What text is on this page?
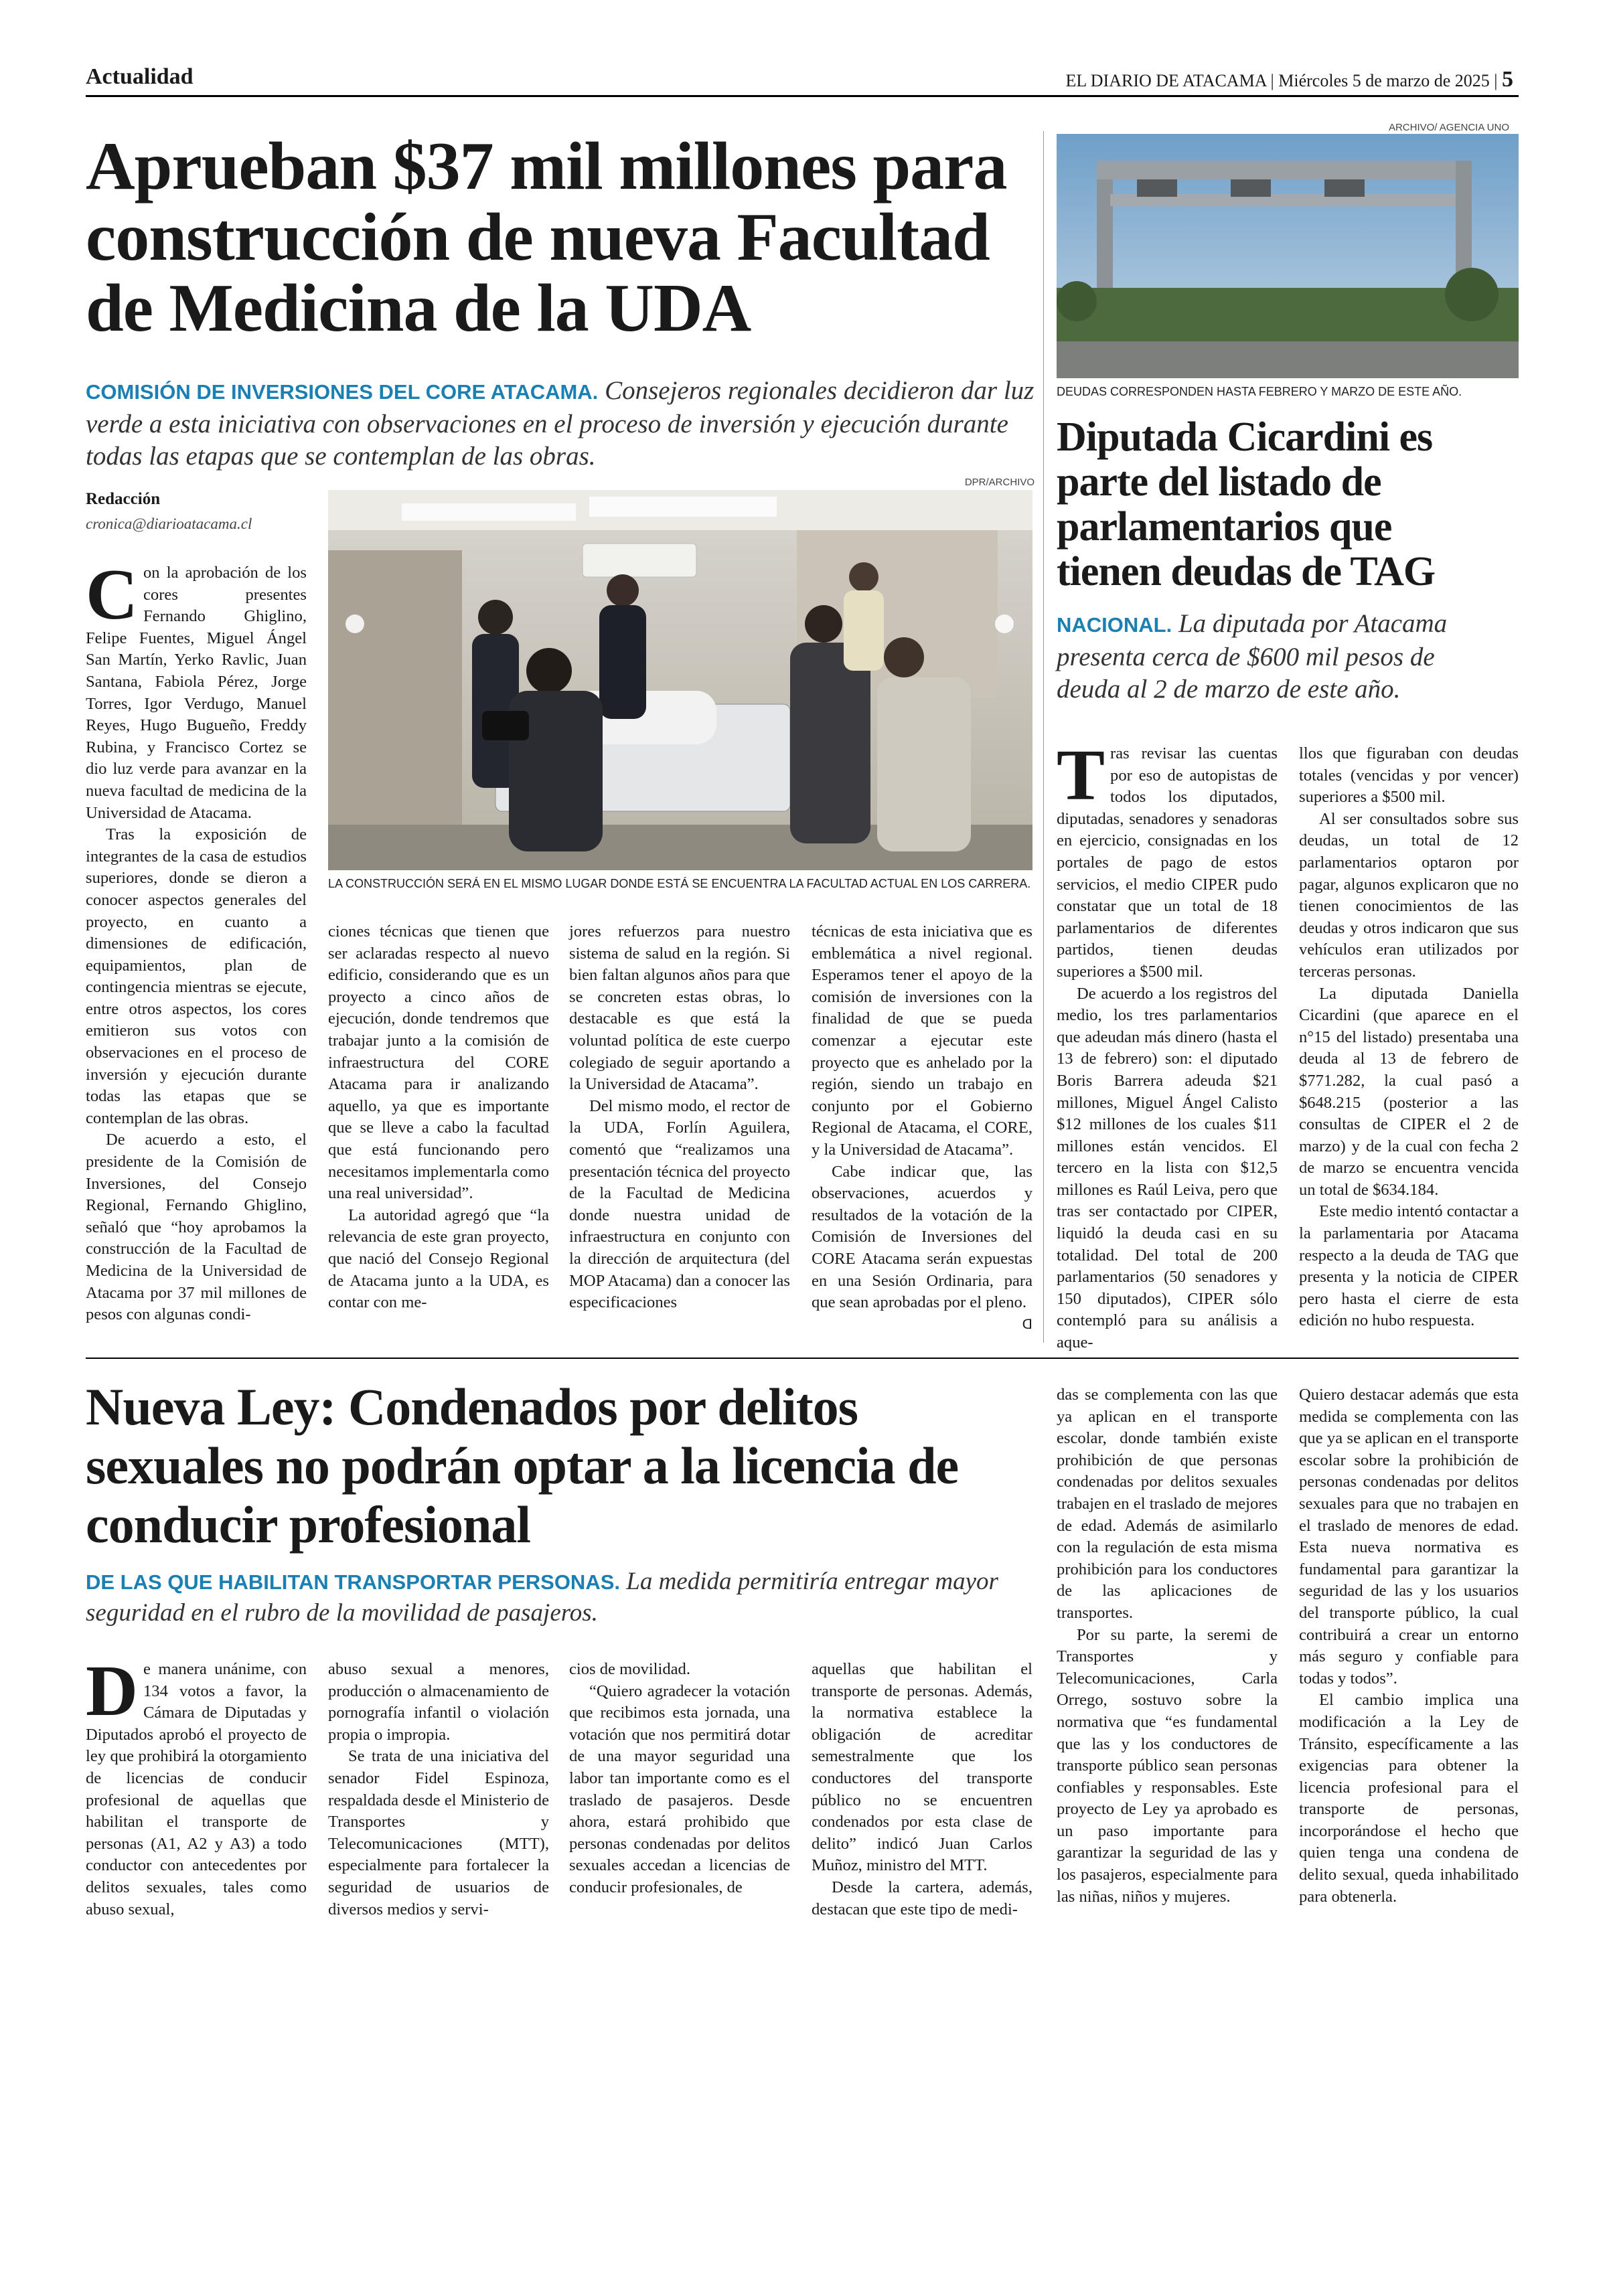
Actualidad	EL DIARIO DE ATACAMA | Miércoles 5 de marzo de 2025 | 5
Aprueban $37 mil millones para construcción de nueva Facultad de Medicina de la UDA
COMISIÓN DE INVERSIONES DEL CORE ATACAMA. Consejeros regionales decidieron dar luz verde a esta iniciativa con observaciones en el proceso de inversión y ejecución durante todas las etapas que se contemplan de las obras.
Redacción
cronica@diarioatacama.cl
DPR/ARCHIVO
LA CONSTRUCCIÓN SERÁ EN EL MISMO LUGAR DONDE ESTÁ SE ENCUENTRA LA FACULTAD ACTUAL EN LOS CARRERA.
C on la aprobación de los cores presentes Fernando Ghiglino, Felipe Fuentes, Miguel Ángel San Martín, Yerko Ravlic, Juan Santana, Fabiola Pérez, Jorge Torres, Igor Verdugo, Manuel Reyes, Hugo Bugueño, Freddy Rubina, y Francisco Cortez se dio luz verde para avanzar en la nueva facultad de medicina de la Universidad de Atacama.

Tras la exposición de integrantes de la casa de estudios superiores, donde se dieron a conocer aspectos generales del proyecto, en cuanto a dimensiones de edificación, equipamientos, plan de contingencia mientras se ejecute, entre otros aspectos, los cores emitieron sus votos con observaciones en el proceso de inversión y ejecución durante todas las etapas que se contemplan de las obras.

De acuerdo a esto, el presidente de la Comisión de Inversiones, del Consejo Regional, Fernando Ghiglino, señaló que “hoy aprobamos la construcción de la Facultad de Medicina de la Universidad de Atacama por 37 mil millones de pesos con algunas condi-

ciones técnicas que tienen que ser aclaradas respecto al nuevo edificio, considerando que es un proyecto a cinco años de ejecución, donde tendremos que trabajar junto a la comisión de infraestructura del CORE Atacama para ir analizando aquello, ya que es importante que se lleve a cabo la facultad que está funcionando pero necesitamos implementarla como una real universidad”.

La autoridad agregó que “la relevancia de este gran proyecto, que nació del Consejo Regional de Atacama junto a la UDA, es contar con me-

jores refuerzos para nuestro sistema de salud en la región. Si bien faltan algunos años para que se concreten estas obras, lo destacable es que está la voluntad política de este cuerpo colegiado de seguir aportando a la Universidad de Atacama”.

Del mismo modo, el rector de la UDA, Forlín Aguilera, comentó que “realizamos una presentación técnica del proyecto de la Facultad de Medicina donde nuestra unidad de infraestructura en conjunto con la dirección de arquitectura (del MOP Atacama) dan a conocer las especificaciones

técnicas de esta iniciativa que es emblemática a nivel regional. Esperamos tener el apoyo de la comisión de inversiones con la finalidad de que se pueda comenzar a ejecutar este proyecto que es anhelado por la región, siendo un trabajo en conjunto por el Gobierno Regional de Atacama, el CORE, y la Universidad de Atacama”.

Cabe indicar que, las observaciones, acuerdos y resultados de la votación de la Comisión de Inversiones del CORE Atacama serán expuestas en una Sesión Ordinaria, para que sean aprobadas por el pleno.

ᗡ
ARCHIVO/ AGENCIA UNO
DEUDAS CORRESPONDEN HASTA FEBRERO Y MARZO DE ESTE AÑO.
Diputada Cicardini es parte del listado de parlamentarios que tienen deudas de TAG
NACIONAL. La diputada por Atacama presenta cerca de $600 mil pesos de deuda al 2 de marzo de este año.
T ras revisar las cuentas por eso de autopistas de todos los diputados, diputadas, senadores y senadoras en ejercicio, consignadas en los portales de pago de estos servicios, el medio CIPER pudo constatar que un total de 18 parlamentarios de diferentes partidos, tienen deudas superiores a $500 mil.

De acuerdo a los registros del medio, los tres parlamentarios que adeudan más dinero (hasta el 13 de febrero) son: el diputado Boris Barrera adeuda $21 millones, Miguel Ángel Calisto $12 millones de los cuales $11 millones están vencidos. El tercero en la lista con $12,5 millones es Raúl Leiva, pero que tras ser contactado por CIPER, liquidó la deuda casi en su totalidad. Del total de 200 parlamentarios (50 senadores y 150 diputados), CIPER sólo contempló para su análisis a aque-

llos que figuraban con deudas totales (vencidas y por vencer) superiores a $500 mil.

Al ser consultados sobre sus deudas, un total de 12 parlamentarios optaron por pagar, algunos explicaron que no tienen conocimientos de las deudas y otros indicaron que sus vehículos eran utilizados por terceras personas.

La diputada Daniella Cicardini (que aparece en el n°15 del listado) presentaba una deuda al 13 de febrero de $771.282, la cual pasó a $648.215 (posterior a las consultas de CIPER el 2 de marzo) y de la cual con fecha 2 de marzo se encuentra vencida un total de $634.184.

Este medio intentó contactar a la parlamentaria por Atacama respecto a la deuda de TAG que presenta y la noticia de CIPER pero hasta el cierre de esta edición no hubo respuesta.

Nueva Ley: Condenados por delitos sexuales no podrán optar a la licencia de conducir profesional
DE LAS QUE HABILITAN TRANSPORTAR PERSONAS. La medida permitiría entregar mayor seguridad en el rubro de la movilidad de pasajeros.
D e manera unánime, con 134 votos a favor, la Cámara de Diputadas y Diputados aprobó el proyecto de ley que prohibirá la otorgamiento de licencias de conducir profesional de aquellas que habilitan el transporte de personas (A1, A2 y A3) a todo conductor con antecedentes por delitos sexuales, tales como abuso sexual,

abuso sexual a menores, producción o almacenamiento de pornografía infantil o violación propia o impropia.

Se trata de una iniciativa del senador Fidel Espinoza, respaldada desde el Ministerio de Transportes y Telecomunicaciones (MTT), especialmente para fortalecer la seguridad de usuarios de diversos medios y servi-

cios de movilidad.

“Quiero agradecer la votación que recibimos esta jornada, una votación que nos permitirá dotar de una mayor seguridad una labor tan importante como es el traslado de pasajeros. Desde ahora, estará prohibido que personas condenadas por delitos sexuales accedan a licencias de conducir profesionales, de

aquellas que habilitan el transporte de personas. Además, la normativa establece la obligación de acreditar semestralmente que los conductores del transporte público no se encuentren condenados por esta clase de delito” indicó Juan Carlos Muñoz, ministro del MTT.

Desde la cartera, además, destacan que este tipo de medi-

das se complementa con las que ya aplican en el transporte escolar, donde también existe prohibición de que personas condenadas por delitos sexuales trabajen en el traslado de mejores de edad. Además de asimilarlo con la regulación de esta misma prohibición para los conductores de las aplicaciones de transportes.

Por su parte, la seremi de Transportes y Telecomunicaciones, Carla Orrego, sostuvo sobre la normativa que “es fundamental que las y los conductores de transporte público sean personas confiables y responsables. Este proyecto de Ley ya aprobado es un paso importante para garantizar la seguridad de las y los pasajeros, especialmente para las niñas, niños y mujeres.

Quiero destacar además que esta medida se complementa con las que ya se aplican en el transporte escolar sobre la prohibición de personas condenadas por delitos sexuales para que no trabajen en el traslado de menores de edad. Esta nueva normativa es fundamental para garantizar la seguridad de las y los usuarios del transporte público, la cual contribuirá a crear un entorno más seguro y confiable para todas y todos”.

El cambio implica una modificación a la Ley de Tránsito, específicamente a las exigencias para obtener la licencia profesional para el transporte de personas, incorporándose el hecho que quien tenga una condena de delito sexual, queda inhabilitado para obtenerla.
